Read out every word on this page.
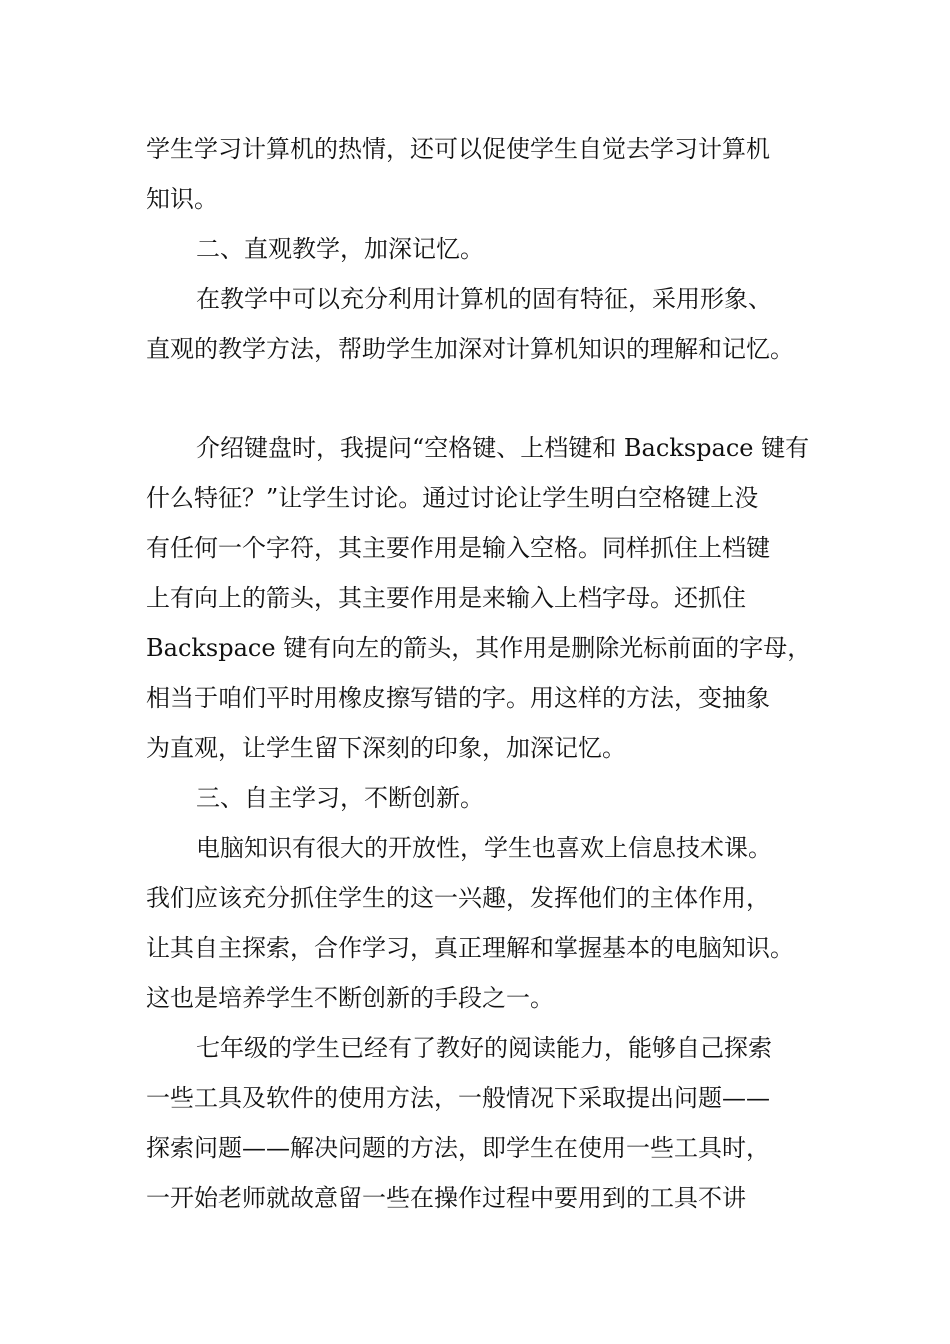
学生学习计算机的热情，还可以促使学生自觉去学习计算机
知识。
二、直观教学，加深记忆。
在教学中可以充分利用计算机的固有特征，采用形象、
直观的教学方法，帮助学生加深对计算机知识的理解和记忆。
介绍键盘时，我提问“空格键、上档键和 Backspace 键有
什么特征？”让学生讨论。通过讨论让学生明白空格键上没
有任何一个字符，其主要作用是输入空格。同样抓住上档键
上有向上的箭头，其主要作用是来输入上档字母。还抓住
Backspace 键有向左的箭头，其作用是删除光标前面的字母，
相当于咱们平时用橡皮擦写错的字。用这样的方法，变抽象
为直观，让学生留下深刻的印象，加深记忆。
三、自主学习，不断创新。
电脑知识有很大的开放性，学生也喜欢上信息技术课。
我们应该充分抓住学生的这一兴趣，发挥他们的主体作用，
让其自主探索，合作学习，真正理解和掌握基本的电脑知识。
这也是培养学生不断创新的手段之一。
七年级的学生已经有了教好的阅读能力，能够自己探索
一些工具及软件的使用方法，一般情况下采取提出问题——
探索问题——解决问题的方法，即学生在使用一些工具时，
一开始老师就故意留一些在操作过程中要用到的工具不讲
